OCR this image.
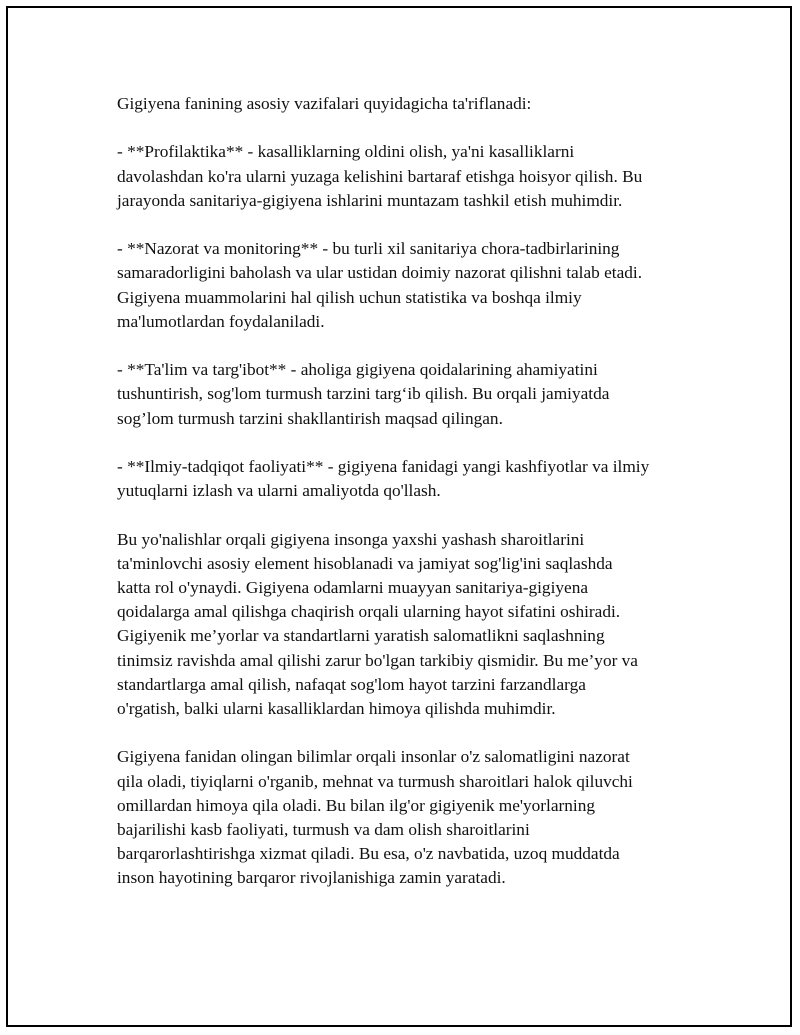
Gigiyena fanining asosiy vazifalari quyidagicha ta'riflanadi:

- **Profilaktika** - kasalliklarning oldini olish, ya'ni kasalliklarni
davolashdan ko'ra ularni yuzaga kelishini bartaraf etishga hoisyor qilish. Bu
jarayonda sanitariya-gigiyena ishlarini muntazam tashkil etish muhimdir.

- **Nazorat va monitoring** - bu turli xil sanitariya chora-tadbirlarining
samaradorligini baholash va ular ustidan doimiy nazorat qilishni talab etadi.
Gigiyena muammolarini hal qilish uchun statistika va boshqa ilmiy
ma'lumotlardan foydalaniladi.

- **Ta'lim va targ'ibot** - aholiga gigiyena qoidalarining ahamiyatini
tushuntirish, sog'lom turmush tarzini targ‘ib qilish. Bu orqali jamiyatda
sog’lom turmush tarzini shakllantirish maqsad qilingan.

- **Ilmiy-tadqiqot faoliyati** - gigiyena fanidagi yangi kashfiyotlar va ilmiy
yutuqlarni izlash va ularni amaliyotda qo'llash.

Bu yo'nalishlar orqali gigiyena insonga yaxshi yashash sharoitlarini
ta'minlovchi asosiy element hisoblanadi va jamiyat sog'lig'ini saqlashda
katta rol o'ynaydi. Gigiyena odamlarni muayyan sanitariya-gigiyena
qoidalarga amal qilishga chaqirish orqali ularning hayot sifatini oshiradi.
Gigiyenik me’yorlar va standartlarni yaratish salomatlikni saqlashning
tinimsiz ravishda amal qilishi zarur bo'lgan tarkibiy qismidir. Bu me’yor va
standartlarga amal qilish, nafaqat sog'lom hayot tarzini farzandlarga
o'rgatish, balki ularni kasalliklardan himoya qilishda muhimdir.

Gigiyena fanidan olingan bilimlar orqali insonlar o'z salomatligini nazorat
qila oladi, tiyiqlarni o'rganib, mehnat va turmush sharoitlari halok qiluvchi
omillardan himoya qila oladi. Bu bilan ilg'or gigiyenik me'yorlarning
bajarilishi kasb faoliyati, turmush va dam olish sharoitlarini
barqarorlashtirishga xizmat qiladi. Bu esa, o'z navbatida, uzoq muddatda
inson hayotining barqaror rivojlanishiga zamin yaratadi.
